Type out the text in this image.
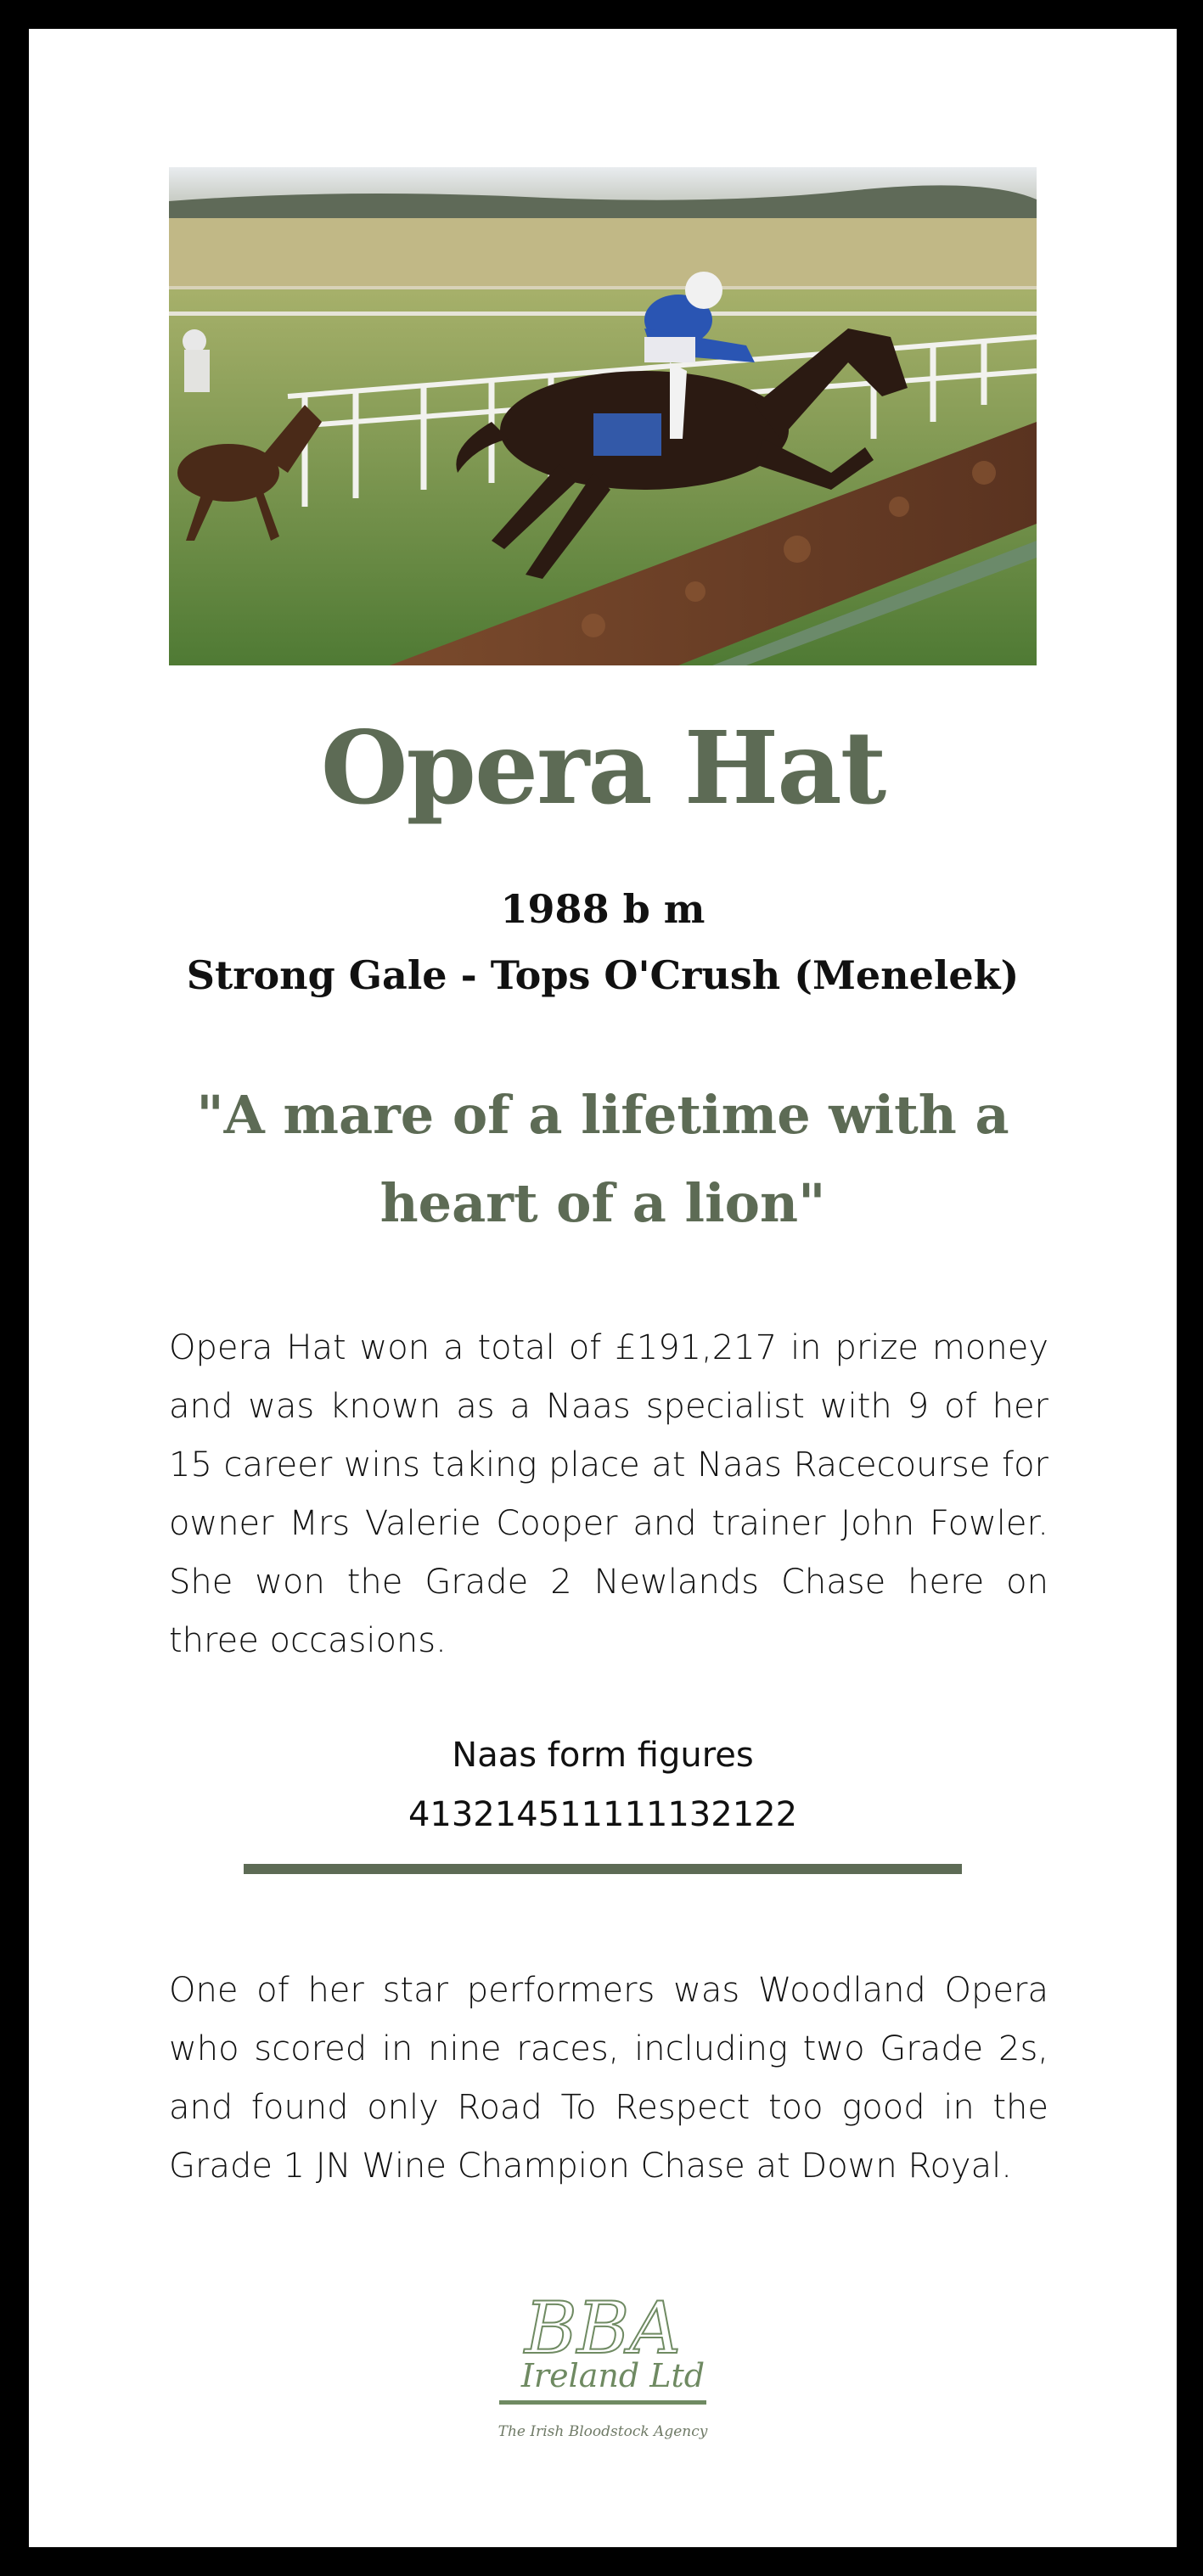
Opera Hat
1988 b m
Strong Gale - Tops O'Crush (Menelek)
"A mare of a lifetime with a heart of a lion"
Opera Hat won a total of £191,217 in prize money and was known as a Naas specialist with 9 of her 15 career wins taking place at Naas Racecourse for owner Mrs Valerie Cooper and trainer John Fowler. She won the Grade 2 Newlands Chase here on three occasions.
Naas form figures
413214511111132122
One of her star performers was Woodland Opera who scored in nine races, including two Grade 2s, and found only Road To Respect too good in the Grade 1 JN Wine Champion Chase at Down Royal.
BBA
Ireland Ltd
The Irish Bloodstock Agency
